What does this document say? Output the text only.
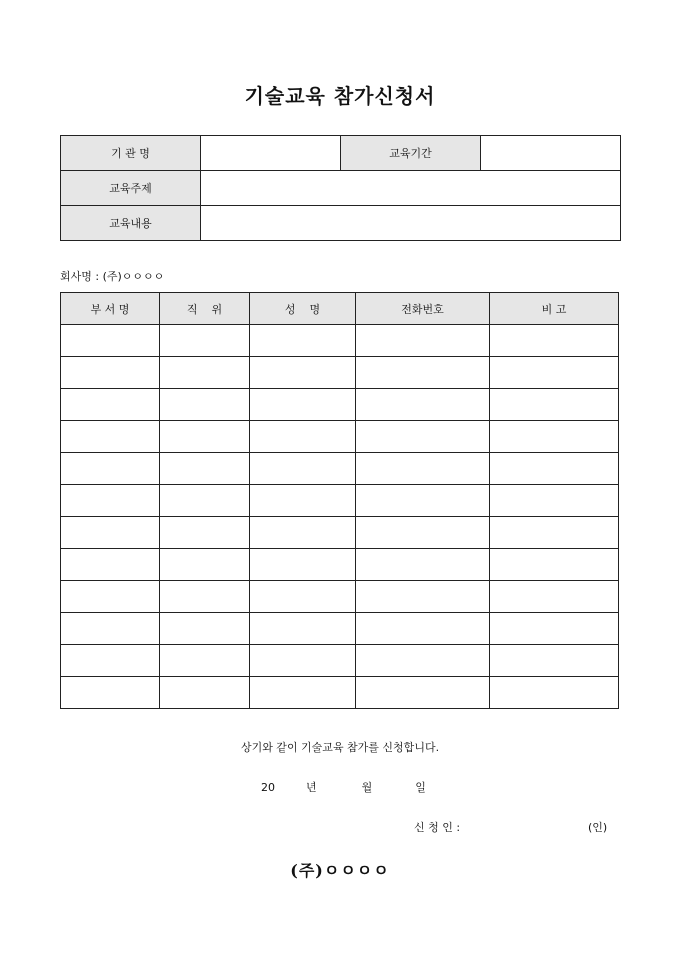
기술교육 참가신청서
기 관 명		교육기간	
교육주제			
교육내용			
회사명 : (주)ㅇㅇㅇㅇ
부 서 명	직    위	성    명	전화번호	비 고

상기와 같이 기술교육 참가를 신청합니다.
20	년	월	일
신 청 인 :	(인)
(주)ㅇㅇㅇㅇ
